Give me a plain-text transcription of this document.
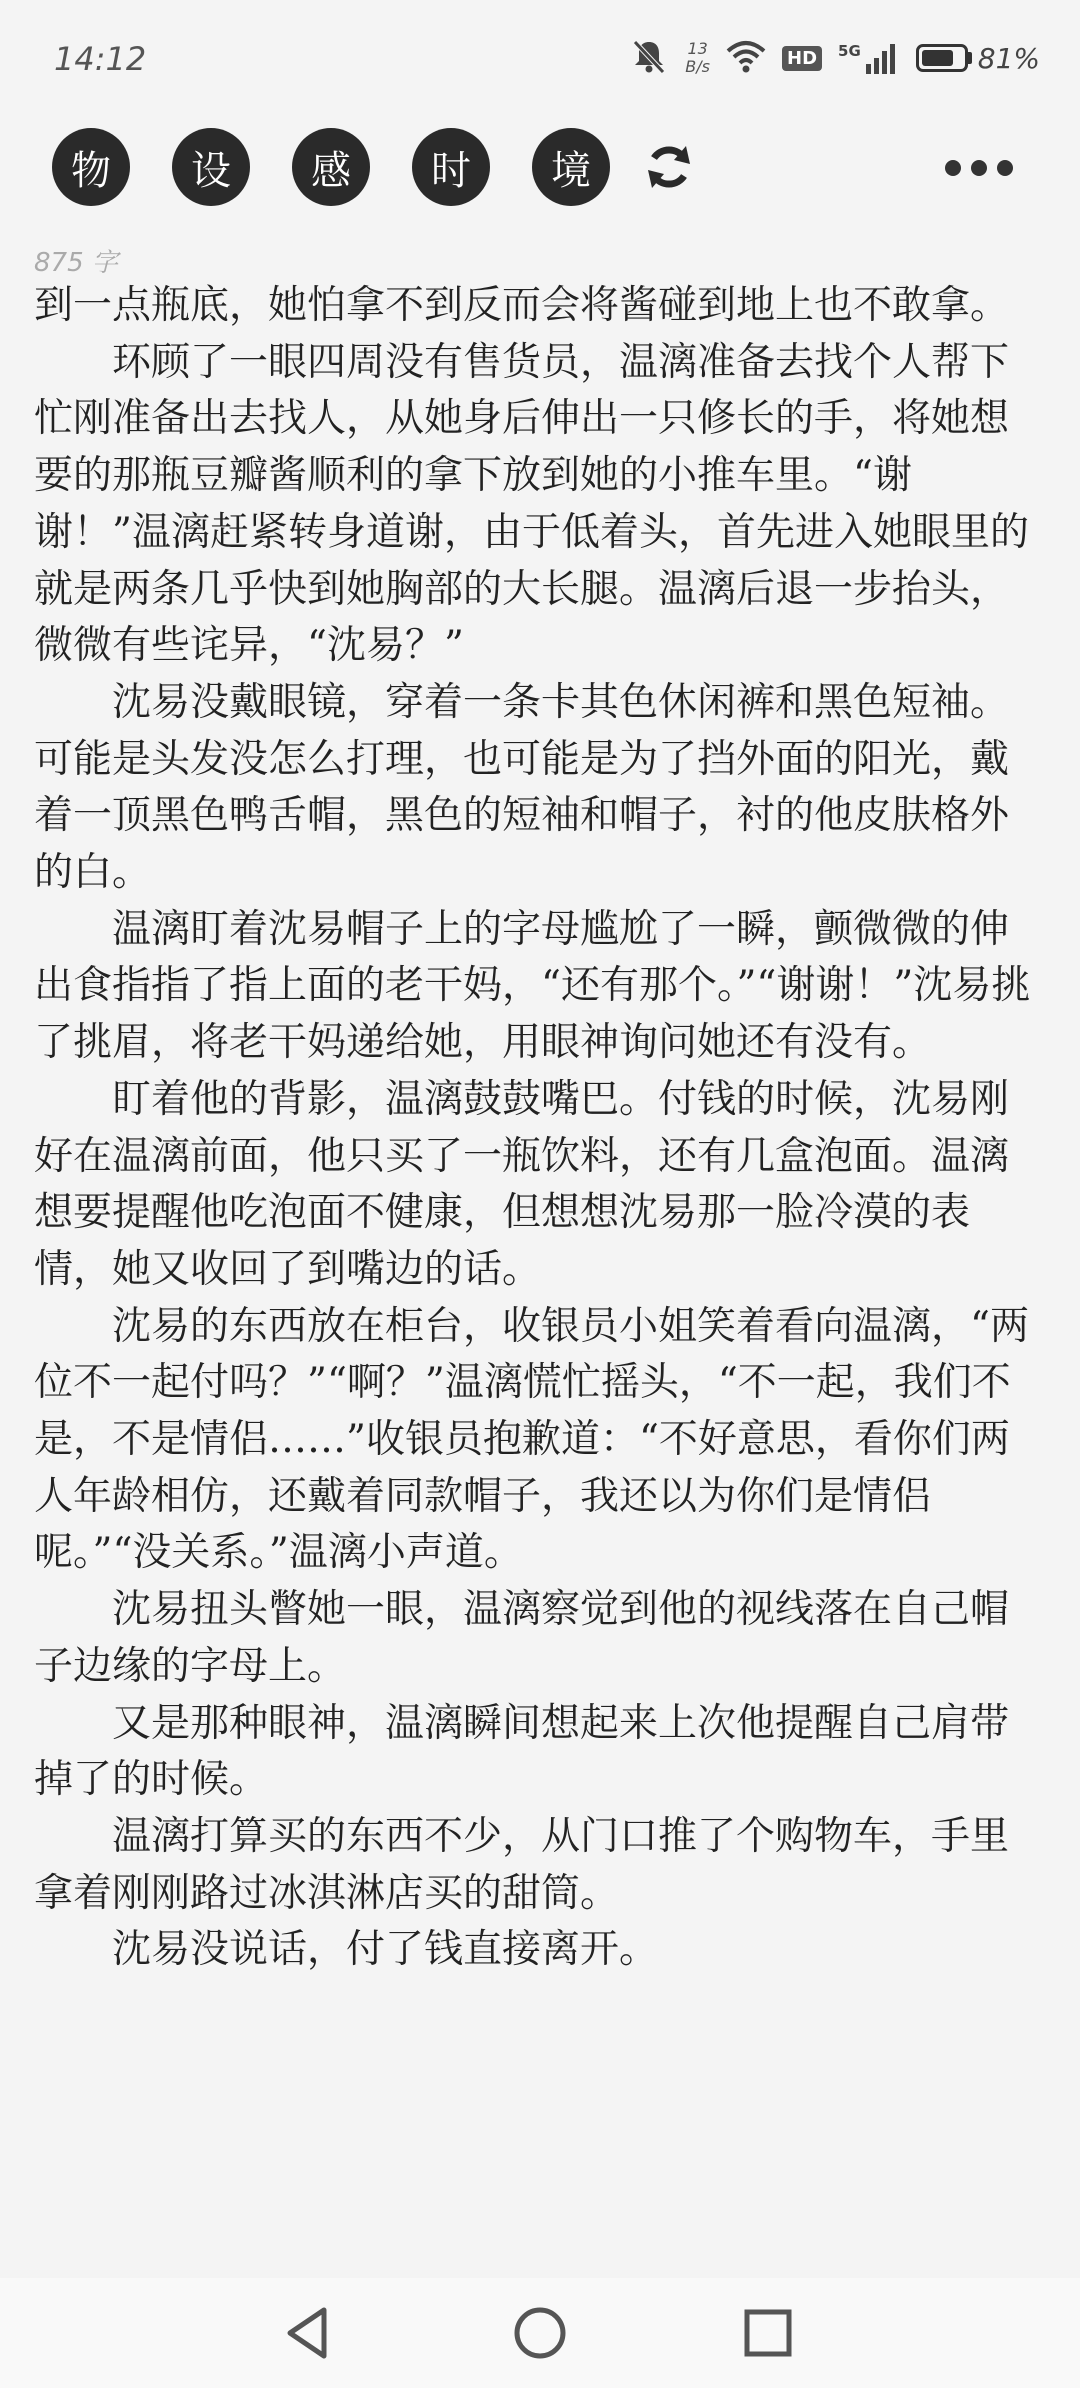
14:12	13
B/s	HD	5G	81%
物	设	感	时	境
875 字

到一点瓶底，她怕拿不到反而会将酱碰到地上也不敢拿。

环顾了一眼四周没有售货员，温漓准备去找个人帮下忙刚准备出去找人，从她身后伸出一只修长的手，将她想要的那瓶豆瓣酱顺利的拿下放到她的小推车里。“谢谢！”温漓赶紧转身道谢，由于低着头，首先进入她眼里的就是两条几乎快到她胸部的大长腿。温漓后退一步抬头，微微有些诧异，“沈易？”

沈易没戴眼镜，穿着一条卡其色休闲裤和黑色短袖。可能是头发没怎么打理，也可能是为了挡外面的阳光，戴着一顶黑色鸭舌帽，黑色的短袖和帽子，衬的他皮肤格外的白。

温漓盯着沈易帽子上的字母尴尬了一瞬，颤微微的伸出食指指了指上面的老干妈，“还有那个。”“谢谢！”沈易挑了挑眉，将老干妈递给她，用眼神询问她还有没有。

盯着他的背影，温漓鼓鼓嘴巴。付钱的时候，沈易刚好在温漓前面，他只买了一瓶饮料，还有几盒泡面。温漓想要提醒他吃泡面不健康，但想想沈易那一脸冷漠的表情，她又收回了到嘴边的话。

沈易的东西放在柜台，收银员小姐笑着看向温漓，“两位不一起付吗？”“啊？”温漓慌忙摇头，“不一起，我们不是，不是情侣……”收银员抱歉道：“不好意思，看你们两人年龄相仿，还戴着同款帽子，我还以为你们是情侣呢。”“没关系。”温漓小声道。

沈易扭头瞥她一眼，温漓察觉到他的视线落在自己帽子边缘的字母上。

又是那种眼神，温漓瞬间想起来上次他提醒自己肩带掉了的时候。

温漓打算买的东西不少，从门口推了个购物车，手里拿着刚刚路过冰淇淋店买的甜筒。

沈易没说话，付了钱直接离开。
